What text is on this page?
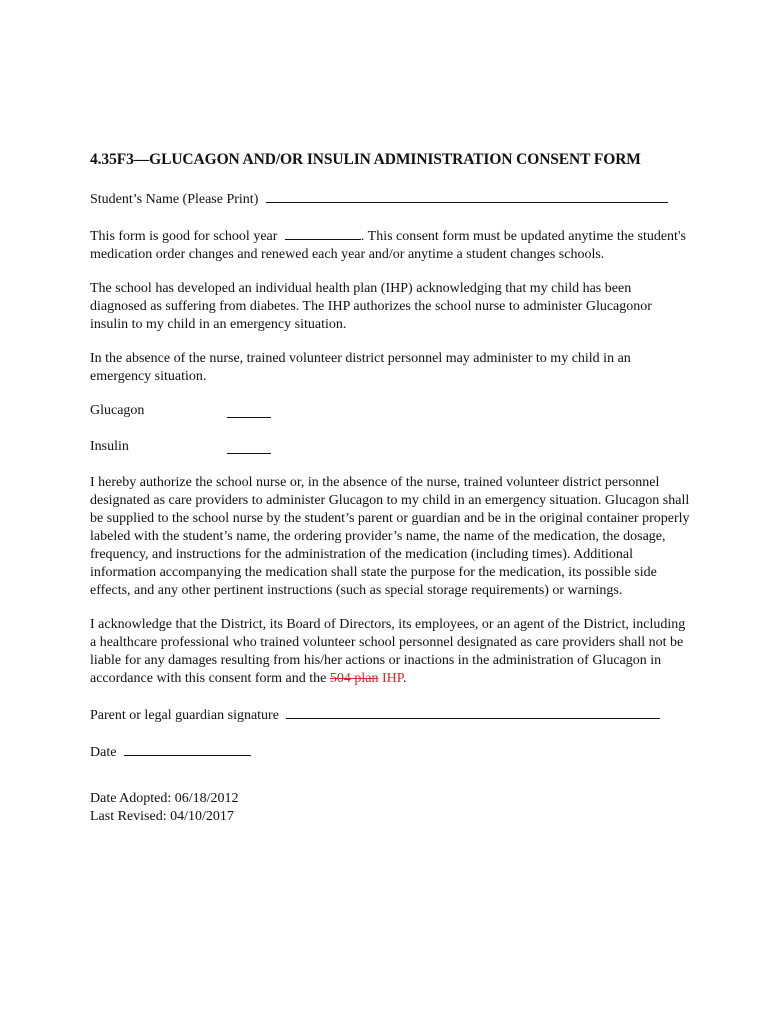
4.35F3—GLUCAGON AND/OR INSULIN ADMINISTRATION CONSENT FORM

Student’s Name (Please Print)

This form is good for school year	. This consent form must be updated anytime the student's medication order changes and renewed each year and/or anytime a student changes schools.

The school has developed an individual health plan (IHP) acknowledging that my child has been diagnosed as suffering from diabetes. The IHP authorizes the school nurse to administer Glucagonor insulin to my child in an emergency situation.

In the absence of the nurse, trained volunteer district personnel may administer to my child in an emergency situation.

Glucagon
Insulin

I hereby authorize the school nurse or, in the absence of the nurse, trained volunteer district personnel designated as care providers to administer Glucagon to my child in an emergency situation. Glucagon shall be supplied to the school nurse by the student’s parent or guardian and be in the original container properly labeled with the student’s name, the ordering provider’s name, the name of the medication, the dosage, frequency, and instructions for the administration of the medication (including times). Additional information accompanying the medication shall state the purpose for the medication, its possible side effects, and any other pertinent instructions (such as special storage requirements) or warnings.

I acknowledge that the District, its Board of Directors, its employees, or an agent of the District, including a healthcare professional who trained volunteer school personnel designated as care providers shall not be liable for any damages resulting from his/her actions or inactions in the administration of Glucagon in accordance with this consent form and the 504 plan IHP.

Parent or legal guardian signature

Date

Date Adopted: 06/18/2012
Last Revised: 04/10/2017
